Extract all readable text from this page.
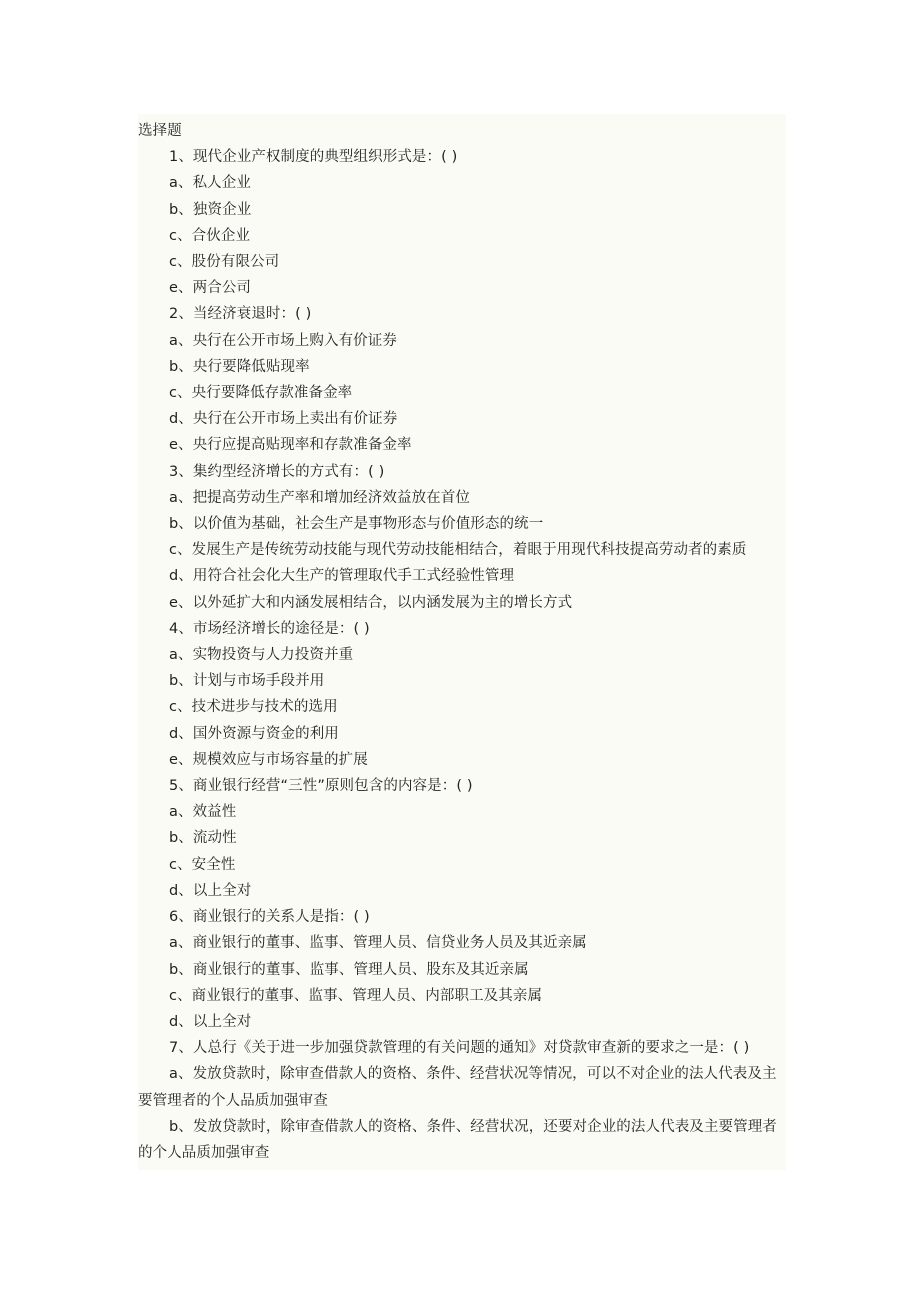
选择题
1、现代企业产权制度的典型组织形式是：( )
a、私人企业
b、独资企业
c、合伙企业
c、股份有限公司
e、两合公司
2、当经济衰退时：( )
a、央行在公开市场上购入有价证券
b、央行要降低贴现率
c、央行要降低存款准备金率
d、央行在公开市场上卖出有价证券
e、央行应提高贴现率和存款准备金率
3、集约型经济增长的方式有：( )
a、把提高劳动生产率和增加经济效益放在首位
b、以价值为基础，社会生产是事物形态与价值形态的统一
c、发展生产是传统劳动技能与现代劳动技能相结合，着眼于用现代科技提高劳动者的素质
d、用符合社会化大生产的管理取代手工式经验性管理
e、以外延扩大和内涵发展相结合，以内涵发展为主的增长方式
4、市场经济增长的途径是：( )
a、实物投资与人力投资并重
b、计划与市场手段并用
c、技术进步与技术的选用
d、国外资源与资金的利用
e、规模效应与市场容量的扩展
5、商业银行经营“三性”原则包含的内容是：( )
a、效益性
b、流动性
c、安全性
d、以上全对
6、商业银行的关系人是指：( )
a、商业银行的董事、监事、管理人员、信贷业务人员及其近亲属
b、商业银行的董事、监事、管理人员、股东及其近亲属
c、商业银行的董事、监事、管理人员、内部职工及其亲属
d、以上全对
7、人总行《关于进一步加强贷款管理的有关问题的通知》对贷款审查新的要求之一是：( )
a、发放贷款时，除审查借款人的资格、条件、经营状况等情况，可以不对企业的法人代表及主要管理者的个人品质加强审查
b、发放贷款时，除审查借款人的资格、条件、经营状况，还要对企业的法人代表及主要管理者的个人品质加强审查
